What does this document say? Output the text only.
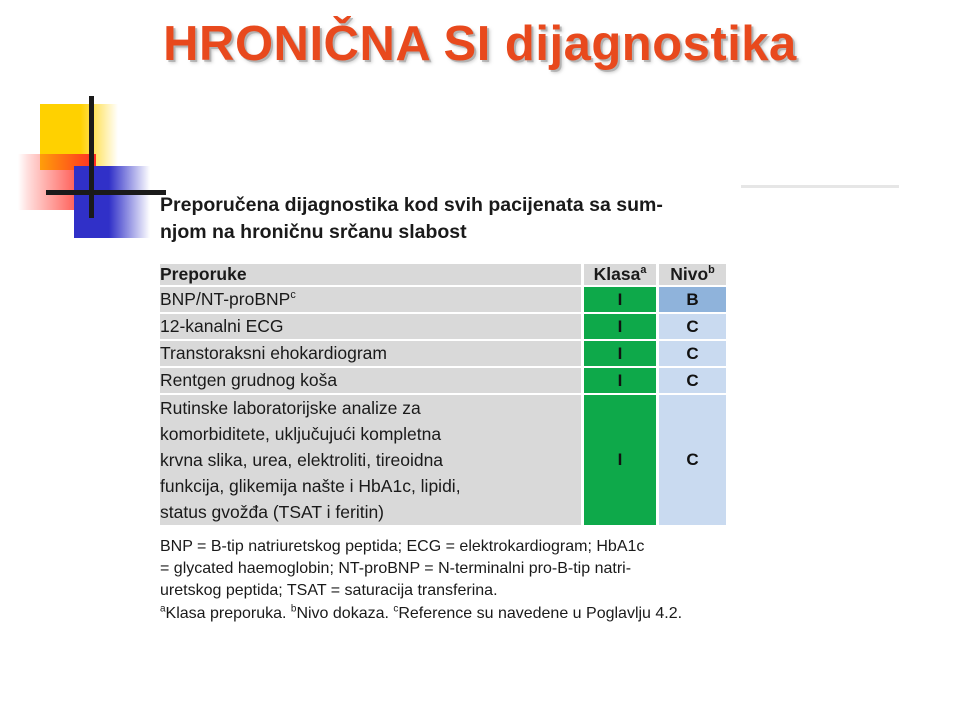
HRONIČNA SI dijagnostika
Preporučena dijagnostika kod svih pacijenata sa sum-
njom na hroničnu srčanu slabost
Preporuke	Klasa$^a$	Nivo$^b$
BNP/NT-proBNP$^c$	I	B
12-kanalni ECG	I	C
Transtoraksni ehokardiogram	I	C
Rentgen grudnog koša	I	C

Rutinske laboratorijske analize za
komorbiditete, uključujući kompletna
krvna slika, urea, elektroliti, tireoidna
funkcija, glikemija našte i HbA1c, lipidi,
status gvožđa (TSAT i feritin)	I	C
BNP = B-tip natriuretskog peptida; ECG = elektrokardiogram; HbA1c
= glycated haemoglobin; NT-proBNP = N-terminalni pro-B-tip natri-
uretskog peptida; TSAT = saturacija transferina.
$^a$Klasa preporuka. $^b$Nivo dokaza. $^c$Reference su navedene u Poglavlju 4.2.
